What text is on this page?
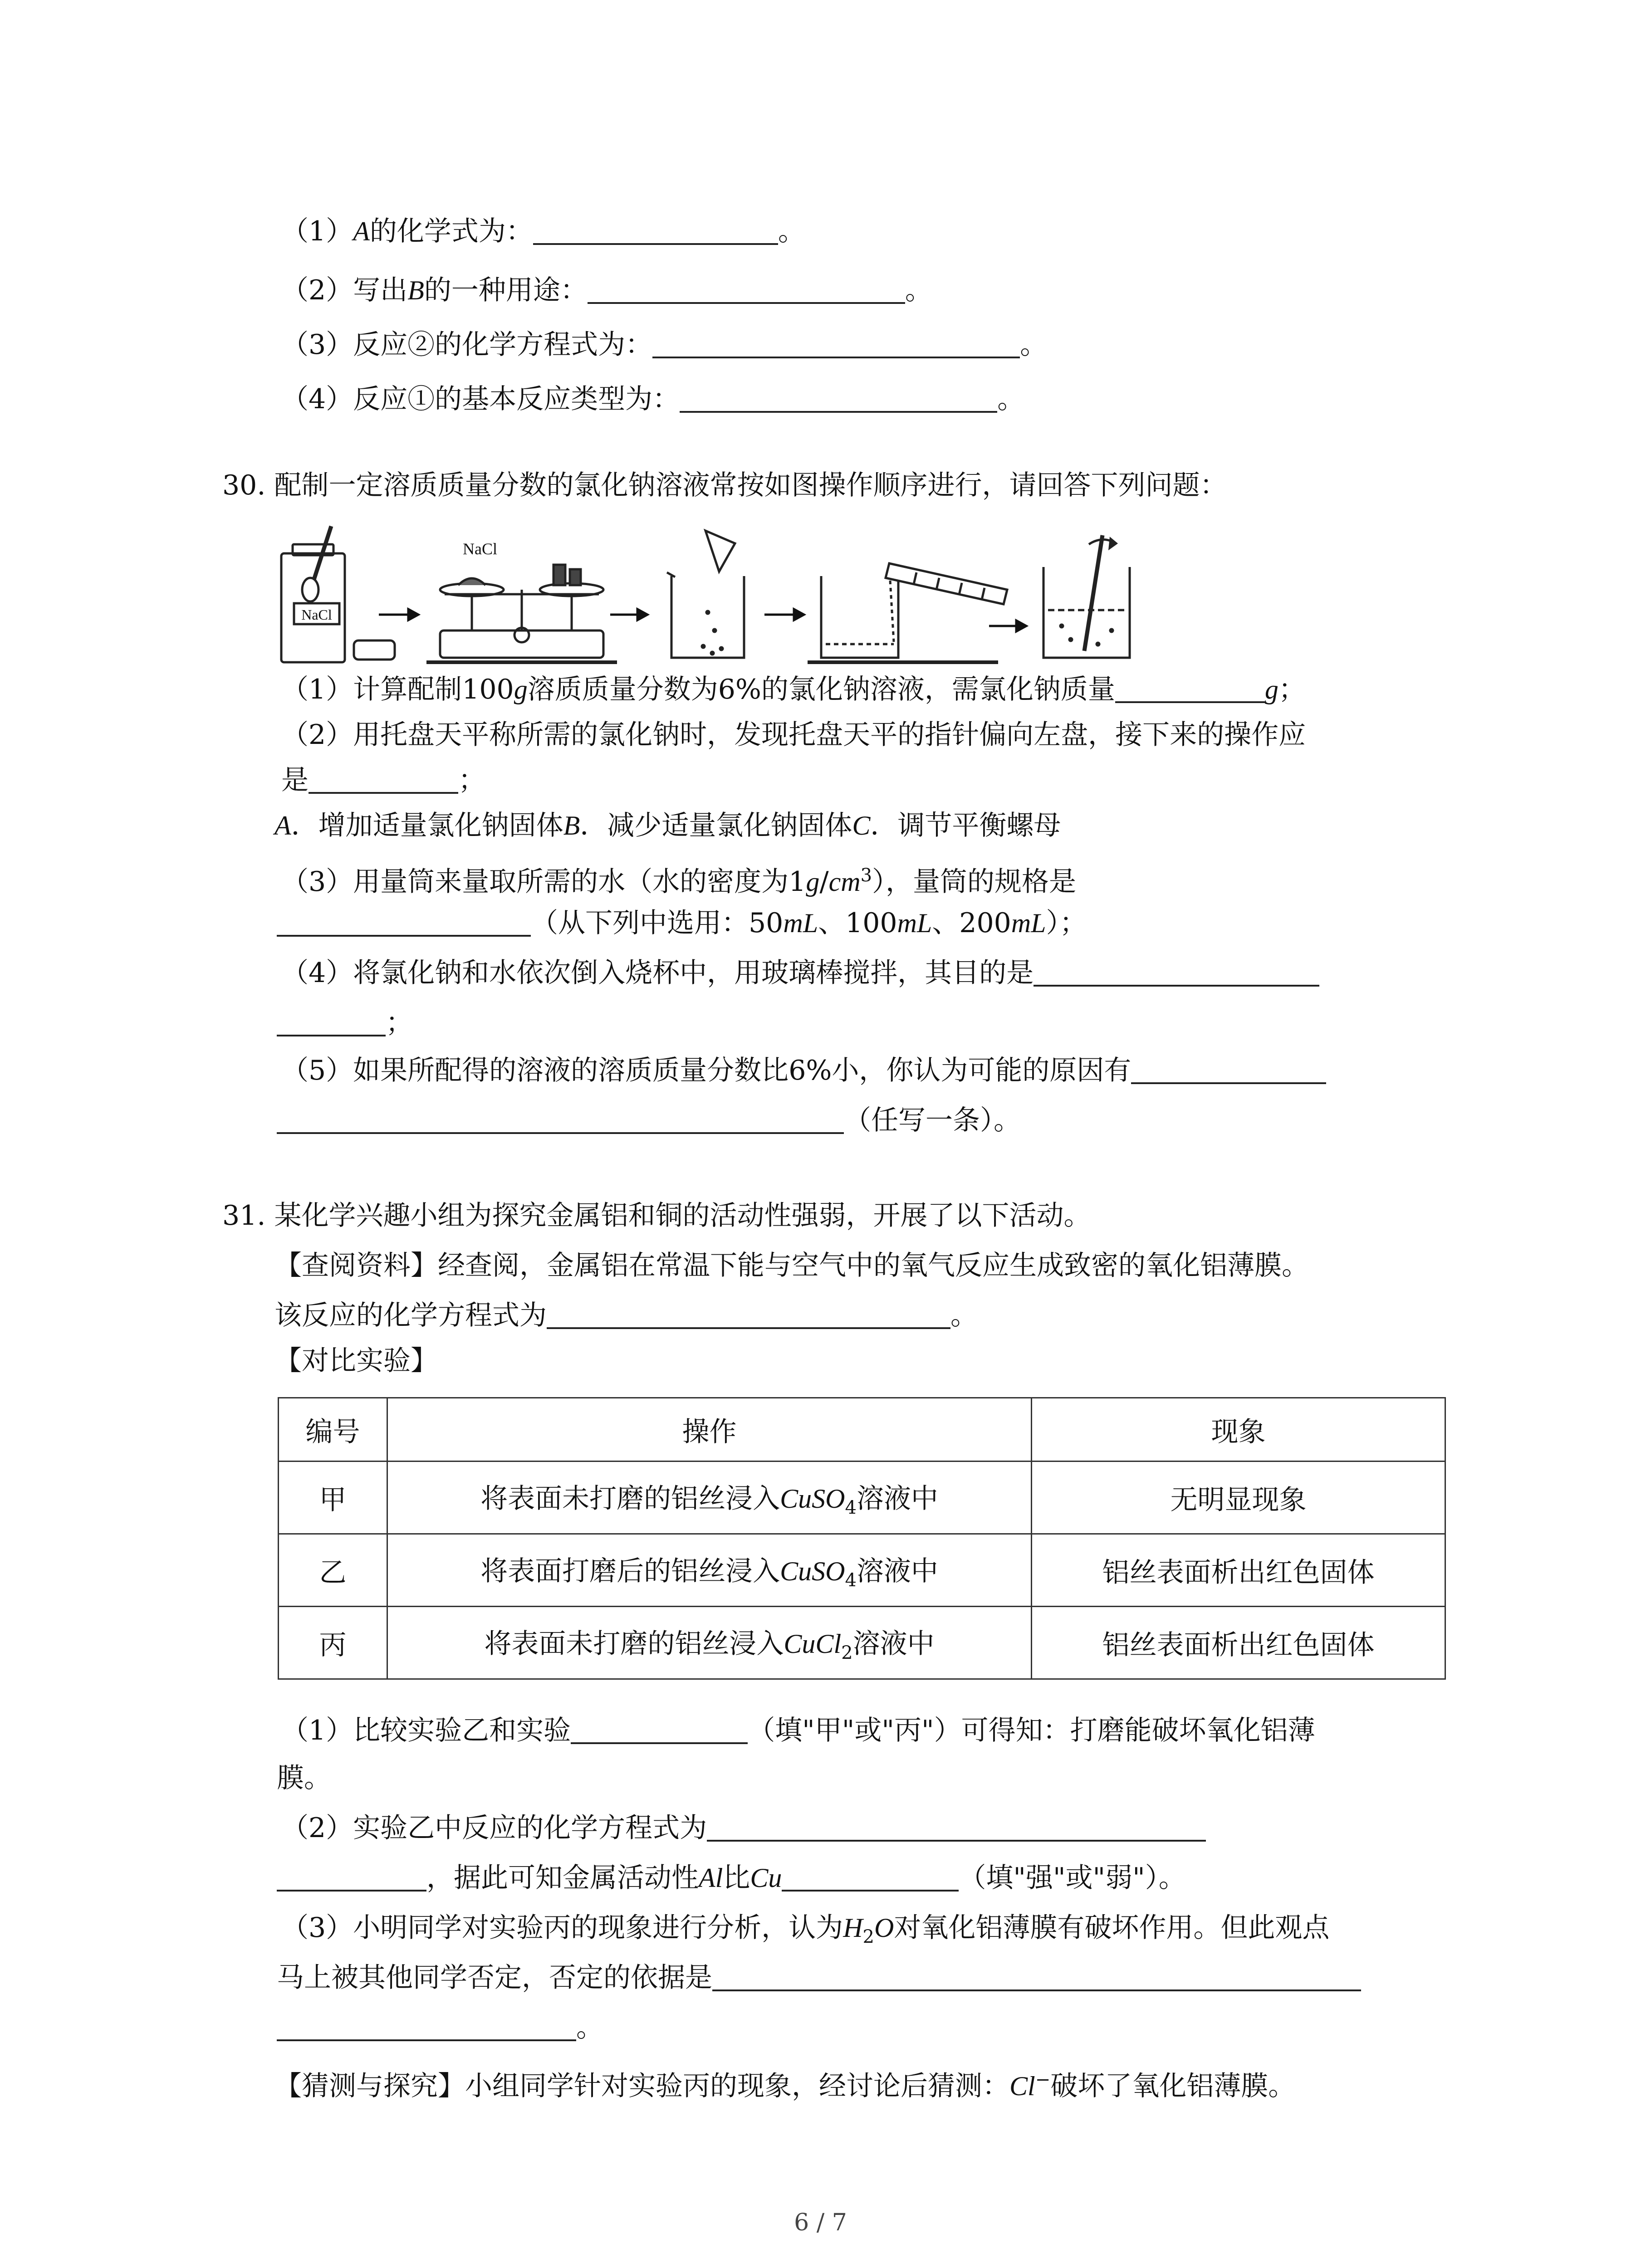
（1）A的化学式为：	。
（2）写出B的一种用途：	。
（3）反应②的化学方程式为：	。
（4）反应①的基本反应类型为：	。
30. 配制一定溶质质量分数的氯化钠溶液常按如图操作顺序进行，请回答下列问题：
NaCl
NaCl
（1）计算配制100g溶质质量分数为6%的氯化钠溶液，需氯化钠质量	g；
（2）用托盘天平称所需的氯化钠时，发现托盘天平的指针偏向左盘，接下来的操作应
是	；
A．增加适量氯化钠固体B．减少适量氯化钠固体C．调节平衡螺母
（3）用量筒来量取所需的水（水的密度为$1g/cm^3$），量筒的规格是
（从下列中选用：50mL、100mL、200mL）；
（4）将氯化钠和水依次倒入烧杯中，用玻璃棒搅拌，其目的是
；
（5）如果所配得的溶液的溶质质量分数比6%小，你认为可能的原因有
（任写一条）。
31. 某化学兴趣小组为探究金属铝和铜的活动性强弱，开展了以下活动。
【查阅资料】经查阅，金属铝在常温下能与空气中的氧气反应生成致密的氧化铝薄膜。
该反应的化学方程式为	。
【对比实验】
编号	操作	现象
甲	将表面未打磨的铝丝浸入CuSO$_4$溶液中	无明显现象
乙	将表面打磨后的铝丝浸入CuSO$_4$溶液中	铝丝表面析出红色固体
丙	将表面未打磨的铝丝浸入CuCl$_2$溶液中	铝丝表面析出红色固体
（1）比较实验乙和实验	（填"甲"或"丙"）可得知：打磨能破坏氧化铝薄
膜。
（2）实验乙中反应的化学方程式为
，据此可知金属活动性Al比Cu	（填"强"或"弱"）。
（3）小明同学对实验丙的现象进行分析，认为$H_2O$对氧化铝薄膜有破坏作用。但此观点
马上被其他同学否定，否定的依据是
。
【猜测与探究】小组同学针对实验丙的现象，经讨论后猜测：Cl−破坏了氧化铝薄膜。
6 / 7
